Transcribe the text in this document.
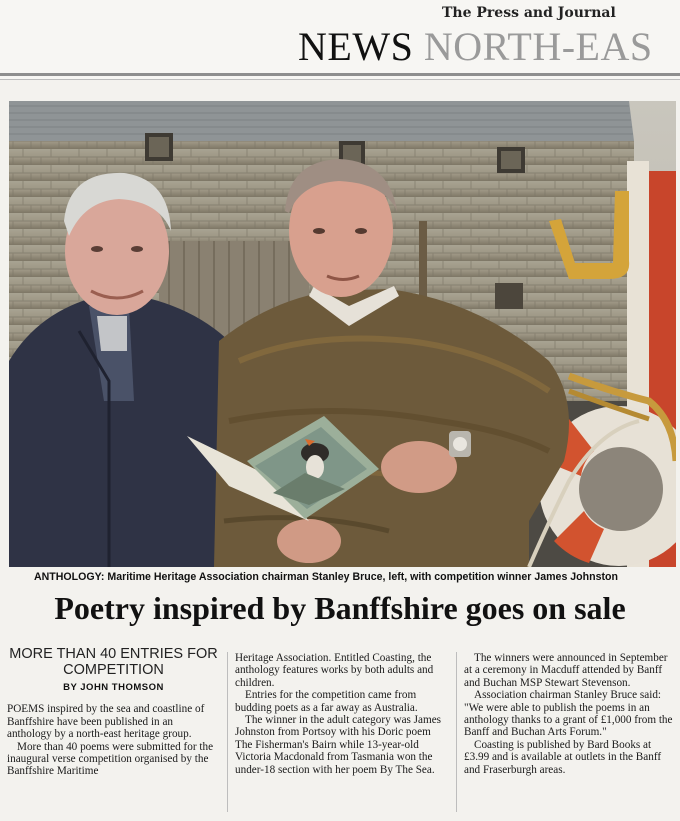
The Press and Journal
NEWS NORTH-EAS
ANTHOLOGY: Maritime Heritage Association chairman Stanley Bruce, left, with competition winner James Johnston
Poetry inspired by Banffshire goes on sale
MORE THAN 40 ENTRIES FOR COMPETITION
BY JOHN THOMSON

POEMS inspired by the sea and coastline of Banffshire have been published in an anthology by a north-east heritage group.

More than 40 poems were submitted for the inaugural verse competition organised by the Banffshire Maritime

Heritage Association. Entitled Coasting, the anthology features works by both adults and children.

Entries for the competition came from budding poets as a far away as Australia.

The winner in the adult category was James Johnston from Portsoy with his Doric poem The Fisherman's Bairn while 13-year-old Victoria Macdonald from Tasmania won the under-18 section with her poem By The Sea.

The winners were announced in September at a ceremony in Macduff attended by Banff and Buchan MSP Stewart Stevenson.

Association chairman Stanley Bruce said: "We were able to publish the poems in an anthology thanks to a grant of £1,000 from the Banff and Buchan Arts Forum."

Coasting is published by Bard Books at £3.99 and is available at outlets in the Banff and Fraserburgh areas.
